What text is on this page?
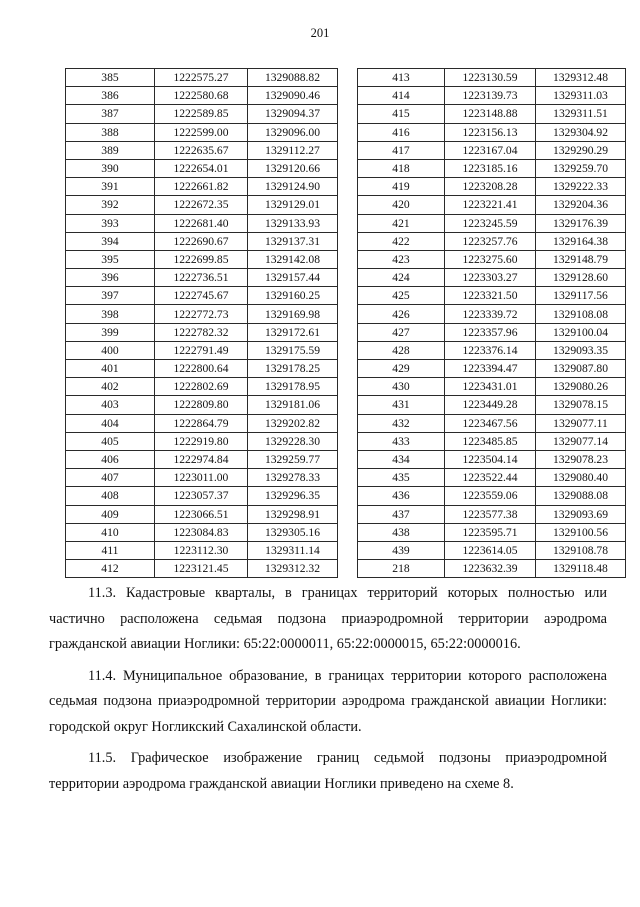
201
385	1222575.27	1329088.82
386	1222580.68	1329090.46
387	1222589.85	1329094.37
388	1222599.00	1329096.00
389	1222635.67	1329112.27
390	1222654.01	1329120.66
391	1222661.82	1329124.90
392	1222672.35	1329129.01
393	1222681.40	1329133.93
394	1222690.67	1329137.31
395	1222699.85	1329142.08
396	1222736.51	1329157.44
397	1222745.67	1329160.25
398	1222772.73	1329169.98
399	1222782.32	1329172.61
400	1222791.49	1329175.59
401	1222800.64	1329178.25
402	1222802.69	1329178.95
403	1222809.80	1329181.06
404	1222864.79	1329202.82
405	1222919.80	1329228.30
406	1222974.84	1329259.77
407	1223011.00	1329278.33
408	1223057.37	1329296.35
409	1223066.51	1329298.91
410	1223084.83	1329305.16
411	1223112.30	1329311.14
412	1223121.45	1329312.32
413	1223130.59	1329312.48
414	1223139.73	1329311.03
415	1223148.88	1329311.51
416	1223156.13	1329304.92
417	1223167.04	1329290.29
418	1223185.16	1329259.70
419	1223208.28	1329222.33
420	1223221.41	1329204.36
421	1223245.59	1329176.39
422	1223257.76	1329164.38
423	1223275.60	1329148.79
424	1223303.27	1329128.60
425	1223321.50	1329117.56
426	1223339.72	1329108.08
427	1223357.96	1329100.04
428	1223376.14	1329093.35
429	1223394.47	1329087.80
430	1223431.01	1329080.26
431	1223449.28	1329078.15
432	1223467.56	1329077.11
433	1223485.85	1329077.14
434	1223504.14	1329078.23
435	1223522.44	1329080.40
436	1223559.06	1329088.08
437	1223577.38	1329093.69
438	1223595.71	1329100.56
439	1223614.05	1329108.78
218	1223632.39	1329118.48

11.3. Кадастровые кварталы, в границах территорий которых полностью или частично расположена седьмая подзона приаэродромной территории аэродрома гражданской авиации Ноглики: 65:22:0000011, 65:22:0000015, 65:22:0000016.

11.4. Муниципальное образование, в границах территории которого расположена седьмая подзона приаэродромной территории аэродрома гражданской авиации Ноглики: городской округ Ногликский Сахалинской области.

11.5. Графическое изображение границ седьмой подзоны приаэродромной территории аэродрома гражданской авиации Ноглики приведено на схеме 8.
